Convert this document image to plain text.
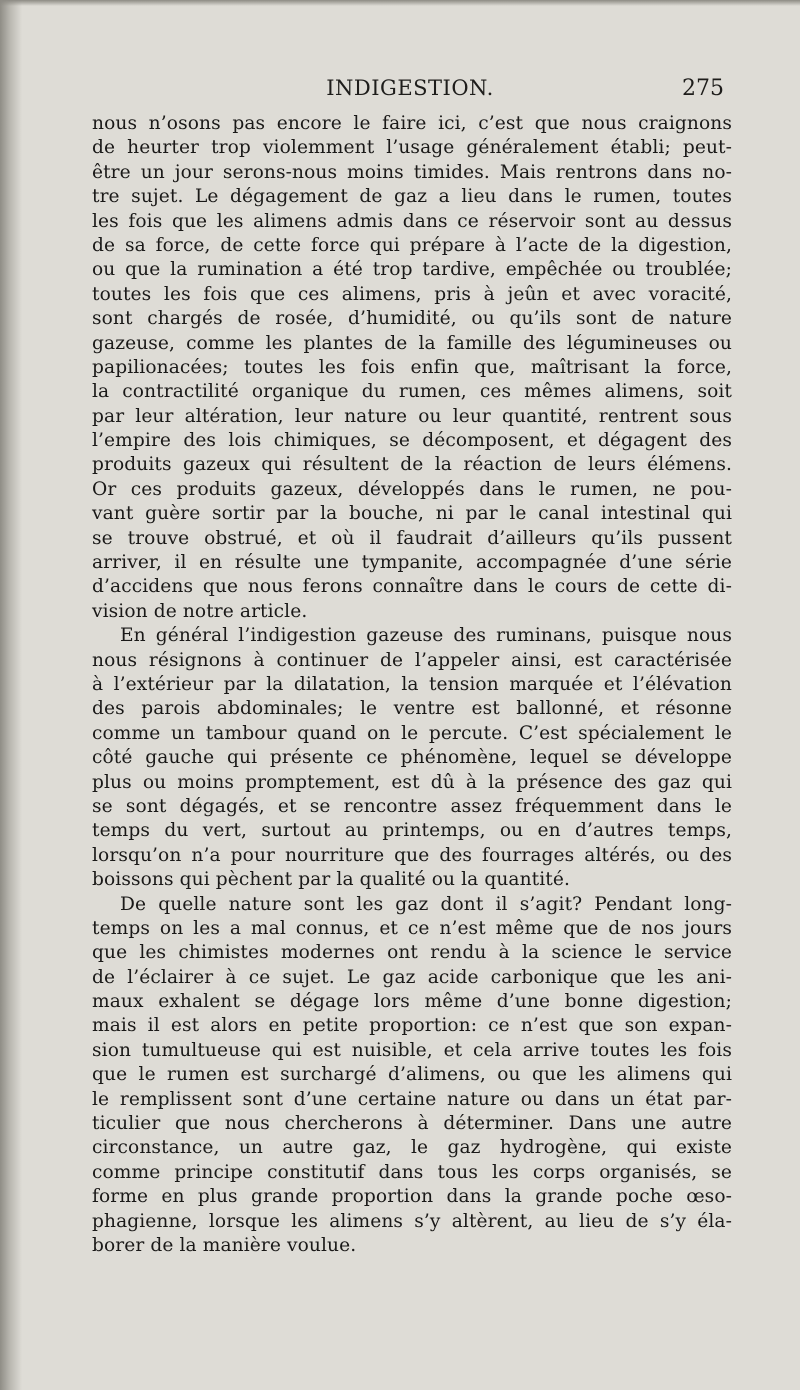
INDIGESTION.	275
nous n’osons pas encore le faire ici, c’est que nous craignons
de heurter trop violemment l’usage généralement établi; peut-
être un jour serons-nous moins timides. Mais rentrons dans no-
tre sujet. Le dégagement de gaz a lieu dans le rumen, toutes
les fois que les alimens admis dans ce réservoir sont au dessus
de sa force, de cette force qui prépare à l’acte de la digestion,
ou que la rumination a été trop tardive, empêchée ou troublée;
toutes les fois que ces alimens, pris à jeûn et avec voracité,
sont chargés de rosée, d’humidité, ou qu’ils sont de nature
gazeuse, comme les plantes de la famille des légumineuses ou
papilionacées; toutes les fois enfin que, maîtrisant la force,
la contractilité organique du rumen, ces mêmes alimens, soit
par leur altération, leur nature ou leur quantité, rentrent sous
l’empire des lois chimiques, se décomposent, et dégagent des
produits gazeux qui résultent de la réaction de leurs élémens.
Or ces produits gazeux, développés dans le rumen, ne pou-
vant guère sortir par la bouche, ni par le canal intestinal qui
se trouve obstrué, et où il faudrait d’ailleurs qu’ils pussent
arriver, il en résulte une tympanite, accompagnée d’une série
d’accidens que nous ferons connaître dans le cours de cette di-
vision de notre article.
En général l’indigestion gazeuse des ruminans, puisque nous
nous résignons à continuer de l’appeler ainsi, est caractérisée
à l’extérieur par la dilatation, la tension marquée et l’élévation
des parois abdominales; le ventre est ballonné, et résonne
comme un tambour quand on le percute. C’est spécialement le
côté gauche qui présente ce phénomène, lequel se développe
plus ou moins promptement, est dû à la présence des gaz qui
se sont dégagés, et se rencontre assez fréquemment dans le
temps du vert, surtout au printemps, ou en d’autres temps,
lorsqu’on n’a pour nourriture que des fourrages altérés, ou des
boissons qui pèchent par la qualité ou la quantité.
De quelle nature sont les gaz dont il s’agit? Pendant long-
temps on les a mal connus, et ce n’est même que de nos jours
que les chimistes modernes ont rendu à la science le service
de l’éclairer à ce sujet. Le gaz acide carbonique que les ani-
maux exhalent se dégage lors même d’une bonne digestion;
mais il est alors en petite proportion: ce n’est que son expan-
sion tumultueuse qui est nuisible, et cela arrive toutes les fois
que le rumen est surchargé d’alimens, ou que les alimens qui
le remplissent sont d’une certaine nature ou dans un état par-
ticulier que nous chercherons à déterminer. Dans une autre
circonstance, un autre gaz, le gaz hydrogène, qui existe
comme principe constitutif dans tous les corps organisés, se
forme en plus grande proportion dans la grande poche œso-
phagienne, lorsque les alimens s’y altèrent, au lieu de s’y éla-
borer de la manière voulue.
